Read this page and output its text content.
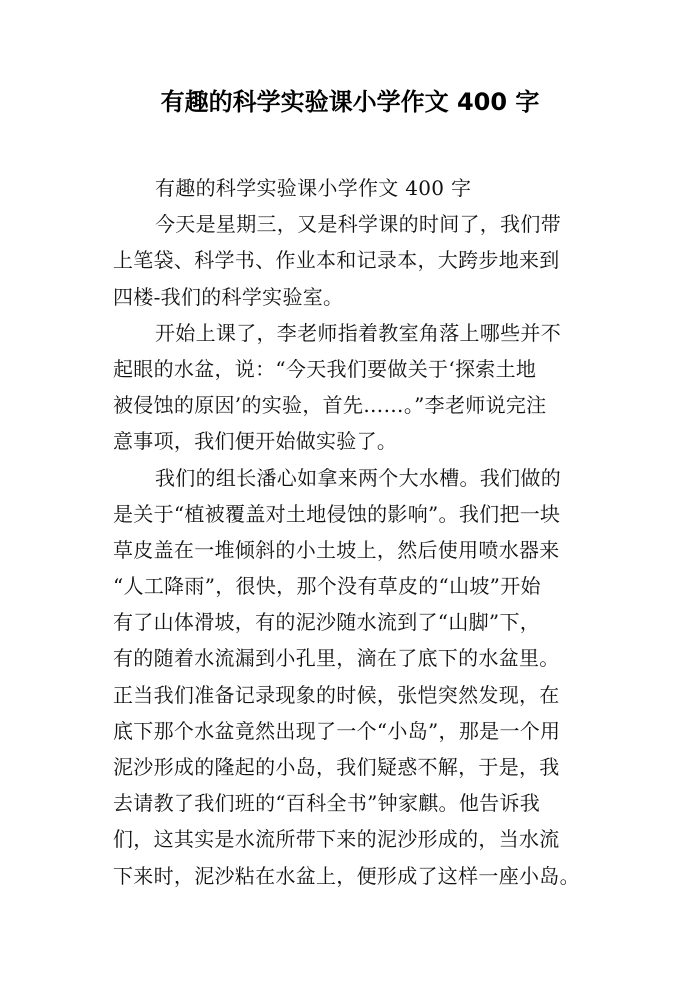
有趣的科学实验课小学作文 400 字
有趣的科学实验课小学作文 400 字
今天是星期三，又是科学课的时间了，我们带
上笔袋、科学书、作业本和记录本，大跨步地来到
四楼-我们的科学实验室。
开始上课了，李老师指着教室角落上哪些并不
起眼的水盆，说：“今天我们要做关于‘探索土地
被侵蚀的原因’的实验，首先……。”李老师说完注
意事项，我们便开始做实验了。
我们的组长潘心如拿来两个大水槽。我们做的
是关于“植被覆盖对土地侵蚀的影响”。我们把一块
草皮盖在一堆倾斜的小土坡上，然后使用喷水器来
“人工降雨”，很快，那个没有草皮的“山坡”开始
有了山体滑坡，有的泥沙随水流到了“山脚”下，
有的随着水流漏到小孔里，滴在了底下的水盆里。
正当我们准备记录现象的时候，张恺突然发现，在
底下那个水盆竟然出现了一个“小岛”，那是一个用
泥沙形成的隆起的小岛，我们疑惑不解，于是，我
去请教了我们班的“百科全书”钟家麒。他告诉我
们，这其实是水流所带下来的泥沙形成的，当水流
下来时，泥沙粘在水盆上，便形成了这样一座小岛。
